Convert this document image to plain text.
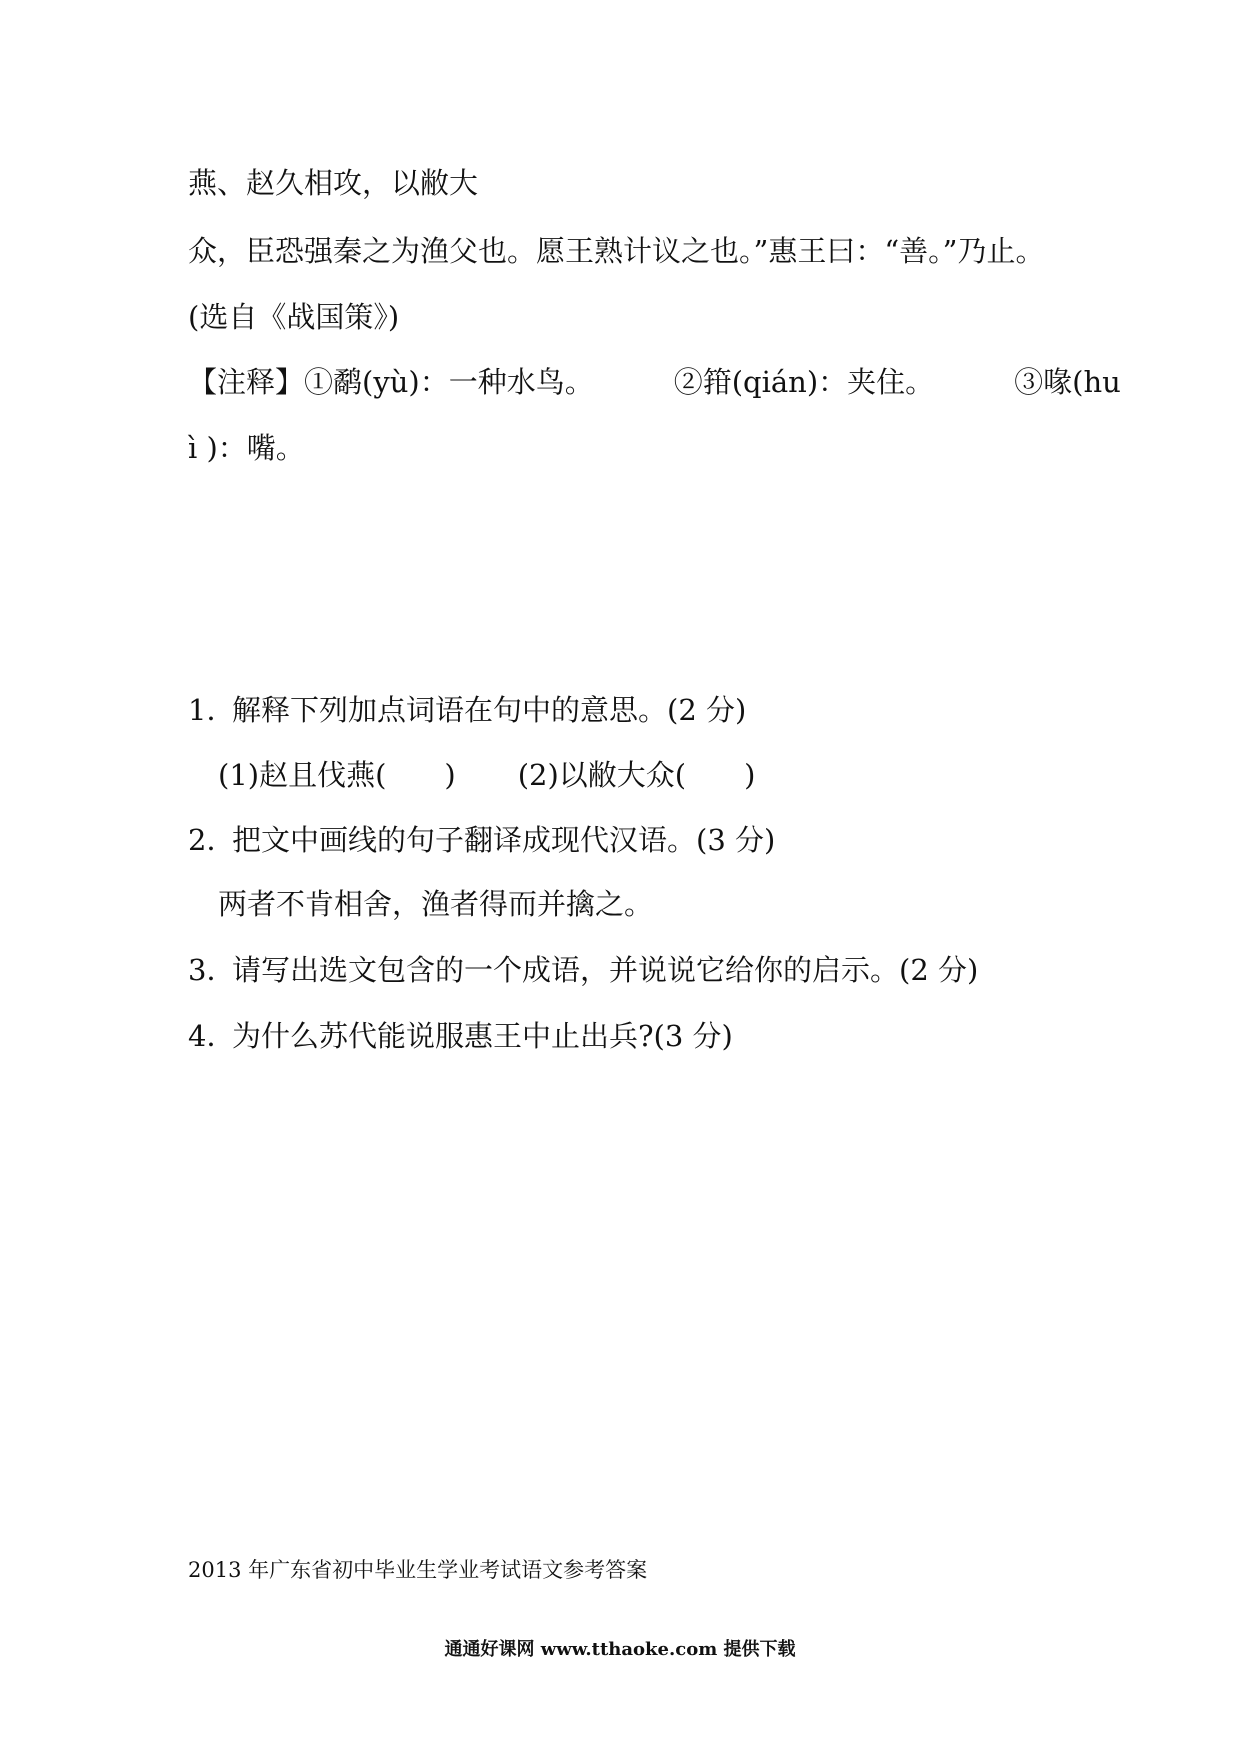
燕、赵久相攻，以敝大
众，臣恐强秦之为渔父也。愿王熟计议之也。”惠王曰：“善。”乃止。
(选自《战国策》)
【注释】①鹬(yù)：一种水鸟。	②箝(qián)：夹住。	③喙(hu
ì )：嘴。
1．解释下列加点词语在句中的意思。(2 分)
(1)赵且伐燕(　　) (2)以敝大众(　　)
2．把文中画线的句子翻译成现代汉语。(3 分)
两者不肯相舍，渔者得而并擒之。
3．请写出选文包含的一个成语，并说说它给你的启示。(2 分)
4．为什么苏代能说服惠王中止出兵?(3 分)
2013 年广东省初中毕业生学业考试语文参考答案
通通好课网 www.tthaoke.com 提供下载
